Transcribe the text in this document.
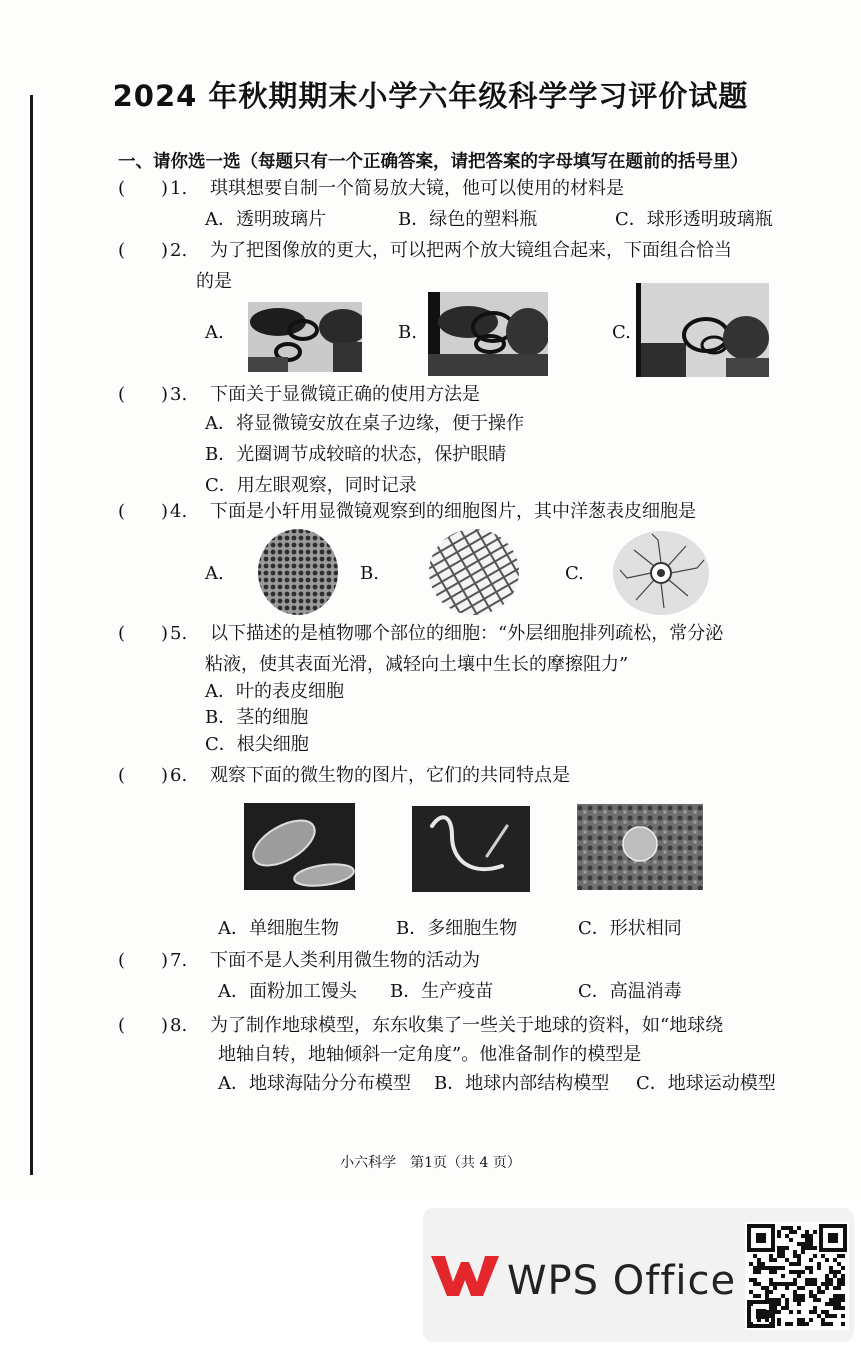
2024 年秋期期末小学六年级科学学习评价试题
一、请你选一选（每题只有一个正确答案，请把答案的字母填写在题前的括号里）
(　　) 1. 琪琪想要自制一个简易放大镜，他可以使用的材料是
A．透明玻璃片	B．绿色的塑料瓶	C．球形透明玻璃瓶
(　　) 2. 为了把图像放的更大，可以把两个放大镜组合起来，下面组合恰当
的是
A.	B.	C.
(　　) 3. 下面关于显微镜正确的使用方法是
A．将显微镜安放在桌子边缘，便于操作
B．光圈调节成较暗的状态，保护眼睛
C．用左眼观察，同时记录
(　　) 4. 下面是小轩用显微镜观察到的细胞图片，其中洋葱表皮细胞是
A.	B.	C.
(　　) 5. 以下描述的是植物哪个部位的细胞：“外层细胞排列疏松，常分泌
粘液，使其表面光滑，减轻向土壤中生长的摩擦阻力”
A．叶的表皮细胞
B．茎的细胞
C．根尖细胞
(　　) 6. 观察下面的微生物的图片，它们的共同特点是
A．单细胞生物	B．多细胞生物	C．形状相同
(　　) 7. 下面不是人类利用微生物的活动为
A．面粉加工馒头 B．生产疫苗	C．高温消毒
(　　) 8. 为了制作地球模型，东东收集了一些关于地球的资料，如“地球绕
地轴自转，地轴倾斜一定角度”。他准备制作的模型是
A．地球海陆分分布模型 B．地球内部结构模型 C．地球运动模型
小六科学　第1页（共 4 页）
WPS Office
